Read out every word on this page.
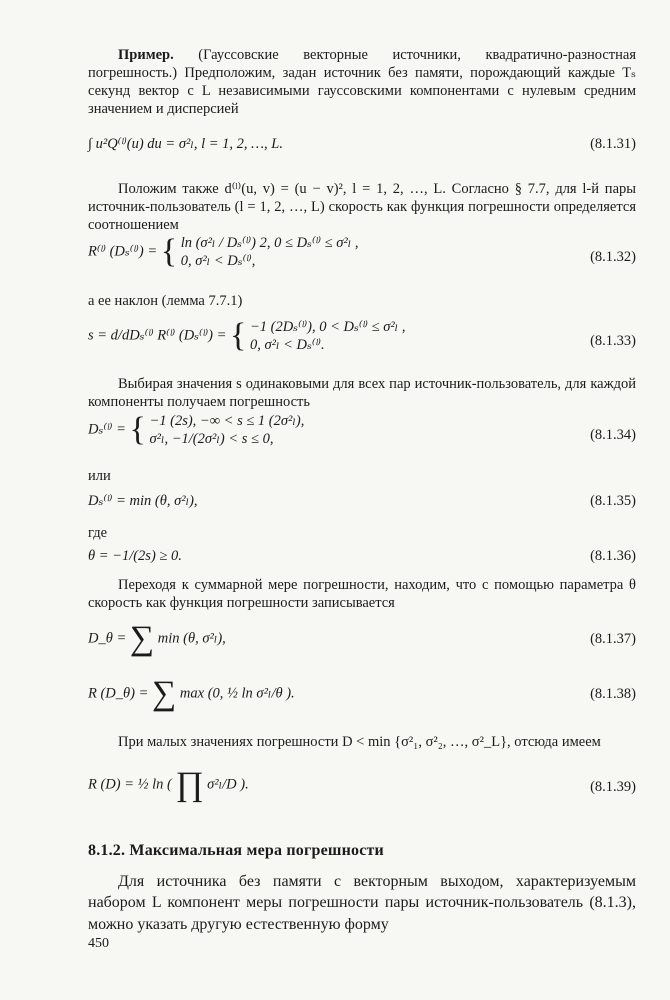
Пример. (Гауссовские векторные источники, квадратично-разностная погрешность.) Предположим, задан источник без памяти, порождающий каждые Tₛ секунд вектор с L независимыми гауссовскими компонентами с нулевым средним значением и дисперсией
∫ u²Q⁽ˡ⁾(u) du = σ²ₗ, l = 1, 2, …, L.	(8.1.31)
Положим также d⁽ˡ⁾(u, v) = (u − v)², l = 1, 2, …, L. Согласно § 7.7, для l-й пары источник-пользователь (l = 1, 2, …, L) скорость как функция погрешности определяется соотношением
R⁽ˡ⁾ (Dₛ⁽ˡ⁾) = { ln (σ²ₗ / Dₛ⁽ˡ⁾) 2, 0 ≤ Dₛ⁽ˡ⁾ ≤ σ²ₗ ,
0, σ²ₗ < Dₛ⁽ˡ⁾,	(8.1.32)
а ее наклон (лемма 7.7.1)
s = d/dDₛ⁽ˡ⁾ R⁽ˡ⁾ (Dₛ⁽ˡ⁾) = { −1 (2Dₛ⁽ˡ⁾), 0 < Dₛ⁽ˡ⁾ ≤ σ²ₗ ,
0, σ²ₗ < Dₛ⁽ˡ⁾.	(8.1.33)
Выбирая значения s одинаковыми для всех пар источник-пользователь, для каждой компоненты получаем погрешность
Dₛ⁽ˡ⁾ = { −1 (2s), −∞ < s ≤ 1 (2σ²ₗ),
σ²ₗ, −1/(2σ²ₗ) < s ≤ 0,	(8.1.34)
или
Dₛ⁽ˡ⁾ = min (θ, σ²ₗ),	(8.1.35)
где
θ = −1/(2s) ≥ 0.	(8.1.36)
Переходя к суммарной мере погрешности, находим, что с помощью параметра θ скорость как функция погрешности записывается
D_θ = ∑ min (θ, σ²ₗ),	(8.1.37)
R (D_θ) = ∑ max (0, ½ ln σ²ₗ/θ ).	(8.1.38)
При малых значениях погрешности D < min {σ²₁, σ²₂, …, σ²_L}, отсюда имеем
R (D) = ½ ln ( ∏ σ²ₗ/D ).	(8.1.39)
8.1.2. Максимальная мера погрешности
Для источника без памяти с векторным выходом, характеризуемым набором L компонент меры погрешности пары источник-пользователь (8.1.3), можно указать другую естественную форму
450
